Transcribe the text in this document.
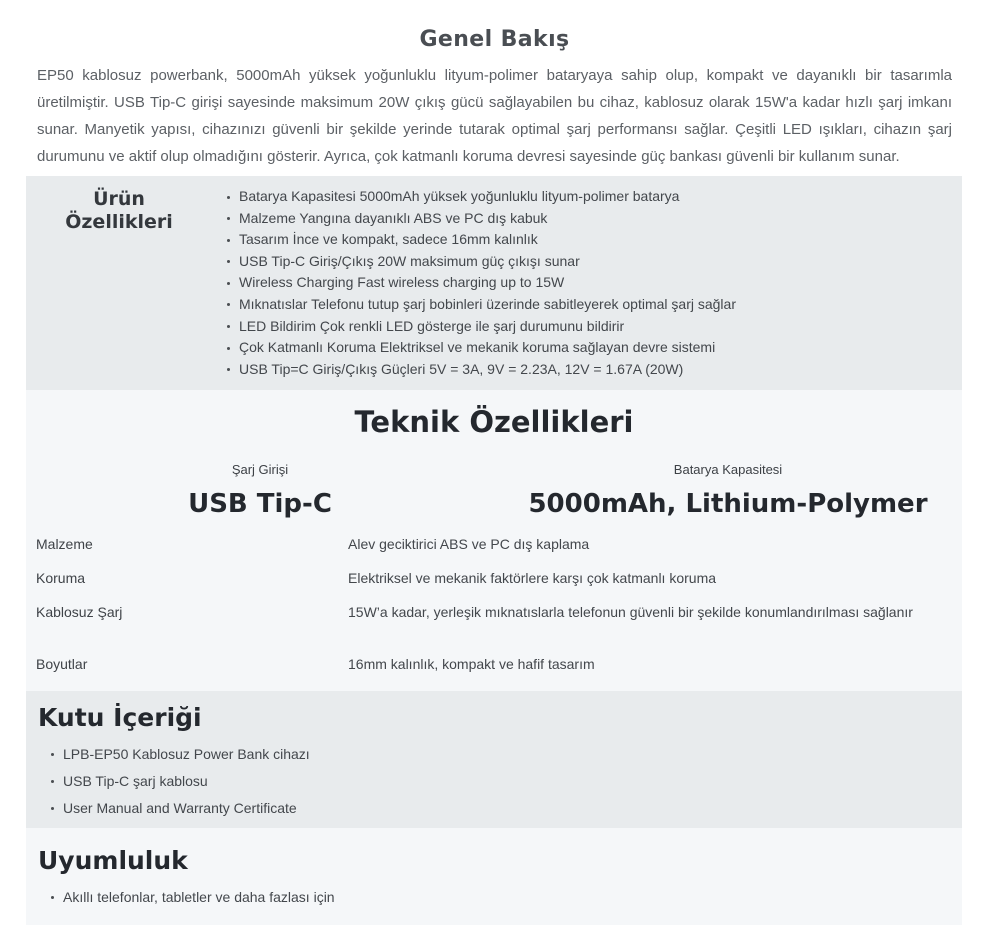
Genel Bakış

EP50 kablosuz powerbank, 5000mAh yüksek yoğunluklu lityum-polimer bataryaya sahip olup, kompakt ve dayanıklı bir tasarımla üretilmiştir. USB Tip-C girişi sayesinde maksimum 20W çıkış gücü sağlayabilen bu cihaz, kablosuz olarak 15W'a kadar hızlı şarj imkanı sunar. Manyetik yapısı, cihazınızı güvenli bir şekilde yerinde tutarak optimal şarj performansı sağlar. Çeşitli LED ışıkları, cihazın şarj durumunu ve aktif olup olmadığını gösterir. Ayrıca, çok katmanlı koruma devresi sayesinde güç bankası güvenli bir kullanım sunar.

Ürün
Özellikleri
Batarya Kapasitesi 5000mAh yüksek yoğunluklu lityum-polimer batarya
Malzeme Yangına dayanıklı ABS ve PC dış kabuk
Tasarım İnce ve kompakt, sadece 16mm kalınlık
USB Tip-C Giriş/Çıkış 20W maksimum güç çıkışı sunar
Wireless Charging Fast wireless charging up to 15W
Mıknatıslar Telefonu tutup şarj bobinleri üzerinde sabitleyerek optimal şarj sağlar
LED Bildirim Çok renkli LED gösterge ile şarj durumunu bildirir
Çok Katmanlı Koruma Elektriksel ve mekanik koruma sağlayan devre sistemi
USB Tip=C Giriş/Çıkış Güçleri 5V = 3A, 9V = 2.23A, 12V = 1.67A (20W)
Teknik Özellikleri
Şarj Girişi
USB Tip-C
Batarya Kapasitesi
5000mAh, Lithium-Polymer
Malzeme	Alev geciktirici ABS ve PC dış kaplama
Koruma	Elektriksel ve mekanik faktörlere karşı çok katmanlı koruma
Kablosuz Şarj	15W’a kadar, yerleşik mıknatıslarla telefonun güvenli bir şekilde konumlandırılması sağlanır
Boyutlar	16mm kalınlık, kompakt ve hafif tasarım
Kutu İçeriği
LPB-EP50 Kablosuz Power Bank cihazı
USB Tip-C şarj kablosu
User Manual and Warranty Certificate
Uyumluluk
Akıllı telefonlar, tabletler ve daha fazlası için
